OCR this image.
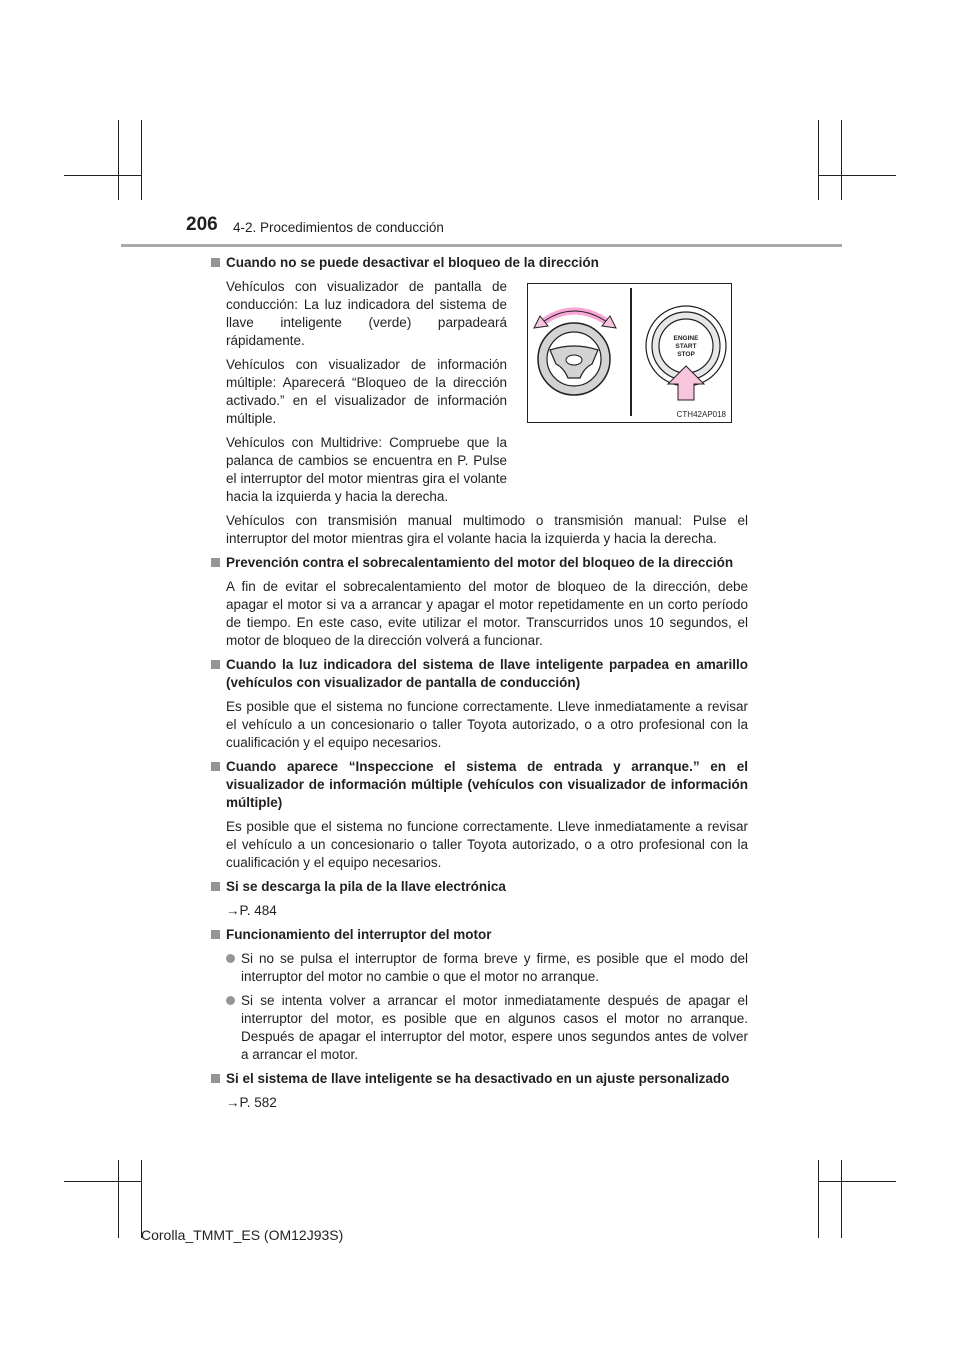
206 4-2. Procedimientos de conducción
ENGINE
START
STOP
CTH42AP018
Cuando no se puede desactivar el bloqueo de la dirección
Vehículos con visualizador de pantalla de conducción: La luz indicadora del sistema de llave inteligente (verde) parpadeará rápidamente.
Vehículos con visualizador de información múltiple: Aparecerá “Bloqueo de la dirección activado.” en el visualizador de información múltiple.
Vehículos con Multidrive: Compruebe que la palanca de cambios se encuentra en P. Pulse el interruptor del motor mientras gira el volante hacia la izquierda y hacia la derecha.
Vehículos con transmisión manual multimodo o transmisión manual: Pulse el interruptor del motor mientras gira el volante hacia la izquierda y hacia la derecha.
Prevención contra el sobrecalentamiento del motor del bloqueo de la dirección
A fin de evitar el sobrecalentamiento del motor de bloqueo de la dirección, debe apagar el motor si va a arrancar y apagar el motor repetidamente en un corto período de tiempo. En este caso, evite utilizar el motor. Transcurridos unos 10 segundos, el motor de bloqueo de la dirección volverá a funcionar.
Cuando la luz indicadora del sistema de llave inteligente parpadea en amarillo (vehículos con visualizador de pantalla de conducción)
Es posible que el sistema no funcione correctamente. Lleve inmediatamente a revisar el vehículo a un concesionario o taller Toyota autorizado, o a otro profesional con la cualificación y el equipo necesarios.
Cuando aparece “Inspeccione el sistema de entrada y arranque.” en el visualizador de información múltiple (vehículos con visualizador de información múltiple)
Es posible que el sistema no funcione correctamente. Lleve inmediatamente a revisar el vehículo a un concesionario o taller Toyota autorizado, o a otro profesional con la cualificación y el equipo necesarios.
Si se descarga la pila de la llave electrónica
→P. 484
Funcionamiento del interruptor del motor
Si no se pulsa el interruptor de forma breve y firme, es posible que el modo del interruptor del motor no cambie o que el motor no arranque.
Si se intenta volver a arrancar el motor inmediatamente después de apagar el interruptor del motor, es posible que en algunos casos el motor no arranque. Después de apagar el interruptor del motor, espere unos segundos antes de volver a arrancar el motor.
Si el sistema de llave inteligente se ha desactivado en un ajuste personalizado
→P. 582
Corolla_TMMT_ES (OM12J93S)
